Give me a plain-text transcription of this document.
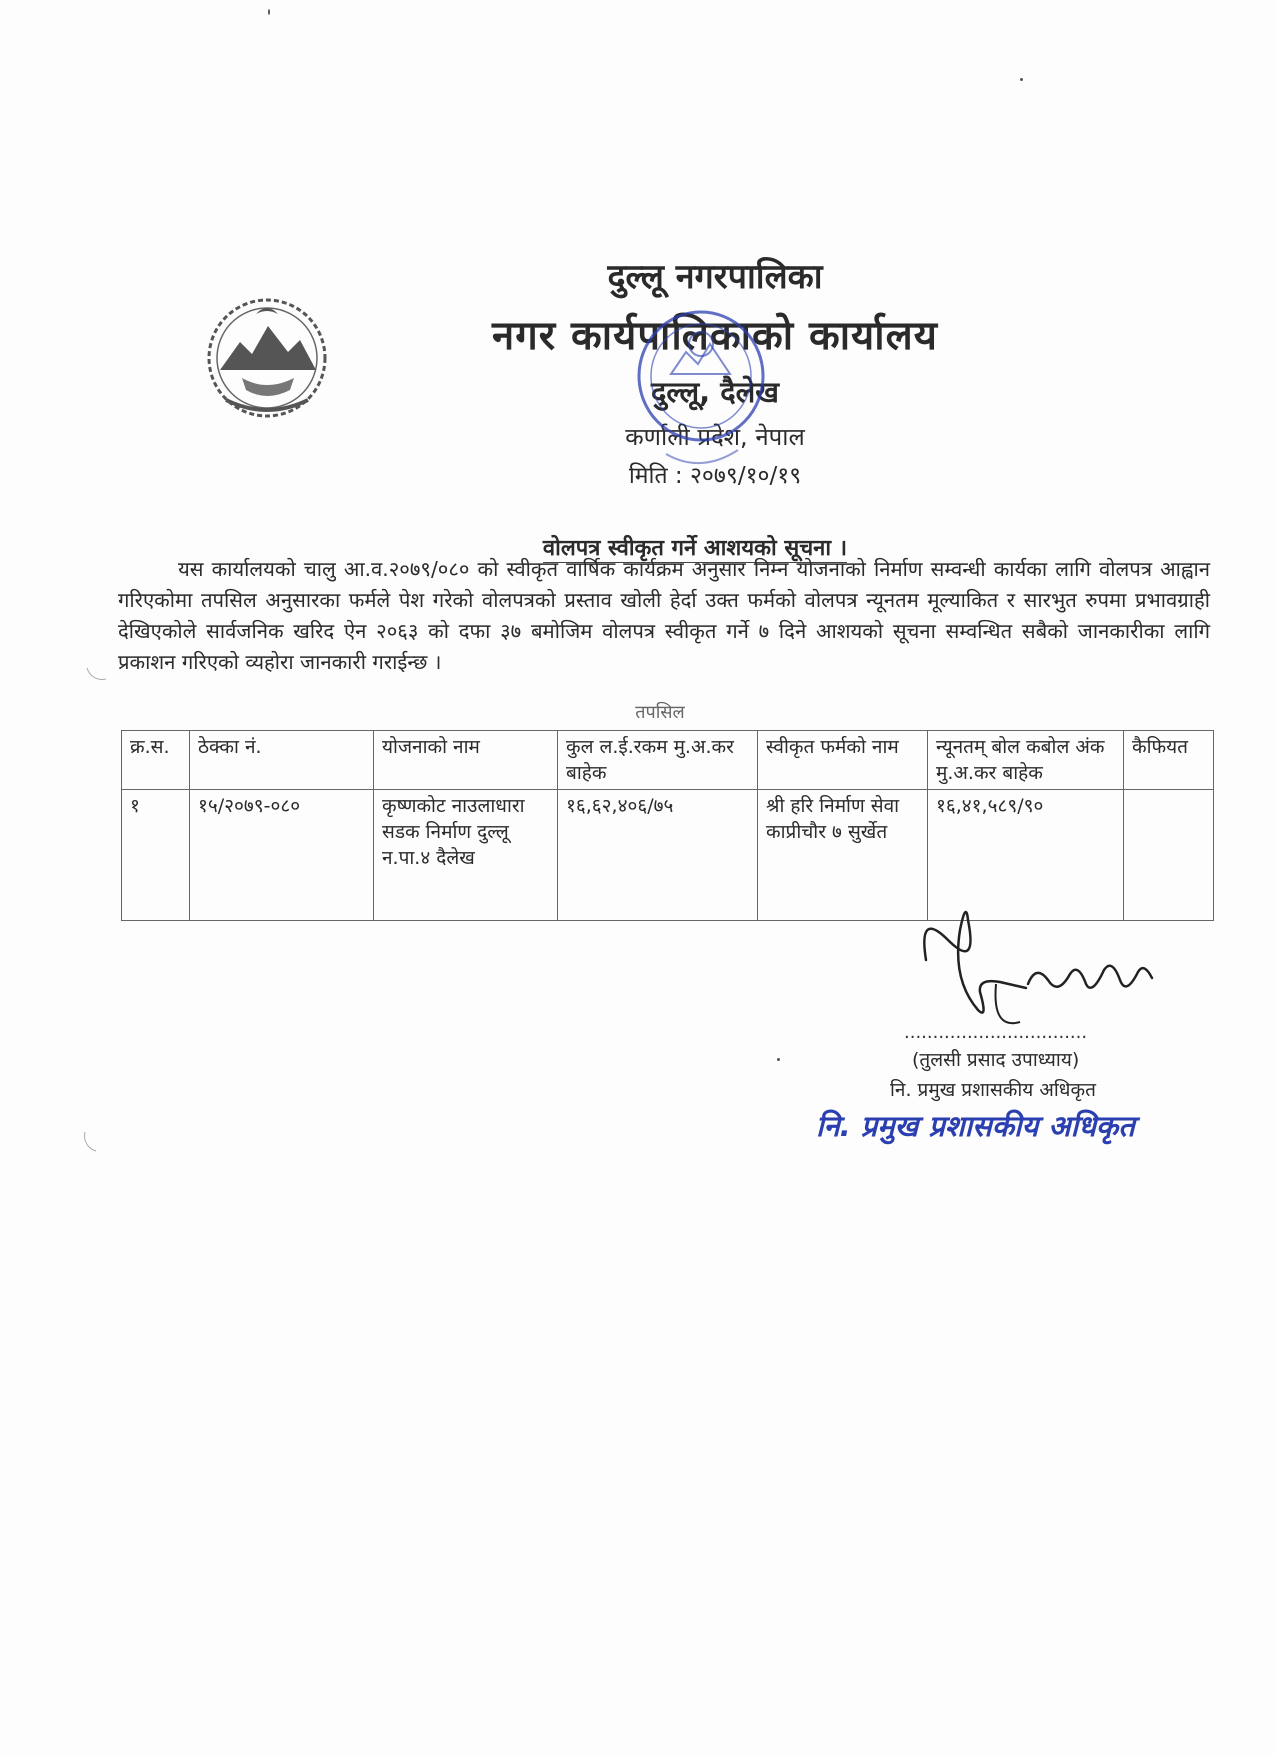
दुल्लू नगरपालिका
नगर कार्यपालिकाको कार्यालय
दुल्लू, दैलेख
कर्णाली प्रदेश, नेपाल
मिति : २०७९/१०/१९
वोलपत्र स्वीकृत गर्ने आशयको सूचना ।

यस कार्यालयको चालु आ.व.२०७९/०८० को स्वीकृत वार्षिक कार्यक्रम अनुसार निम्न योजनाको निर्माण सम्वन्धी कार्यका लागि वोलपत्र आह्वान गरिएकोमा तपसिल अनुसारका फर्मले पेश गरेको वोलपत्रको प्रस्ताव खोली हेर्दा उक्त फर्मको वोलपत्र न्यूनतम मूल्याकित र सारभुत रुपमा प्रभावग्राही देखिएकोले सार्वजनिक खरिद ऐन २०६३ को दफा ३७ बमोजिम वोलपत्र स्वीकृत गर्ने ७ दिने आशयको सूचना सम्वन्धित सबैको जानकारीका लागि प्रकाशन गरिएको व्यहोरा जानकारी गराईन्छ ।

तपसिल
क्र.स.	ठेक्का नं.	योजनाको नाम	कुल ल.ई.रकम मु.अ.कर बाहेक	स्वीकृत फर्मको नाम	न्यूनतम् बोल कबोल अंक मु.अ.कर बाहेक	कैफियत
१	१५/२०७९-०८०	कृष्णकोट नाउलाधारा सडक निर्माण दुल्लू न.पा.४ दैलेख	१६,६२,४०६/७५	श्री हरि निर्माण सेवा काप्रीचौर ७ सुर्खेत	१६,४१,५८९/९०	
................................
(तुलसी प्रसाद उपाध्याय)
नि. प्रमुख प्रशासकीय अधिकृत
नि. प्रमुख प्रशासकीय अधिकृत
